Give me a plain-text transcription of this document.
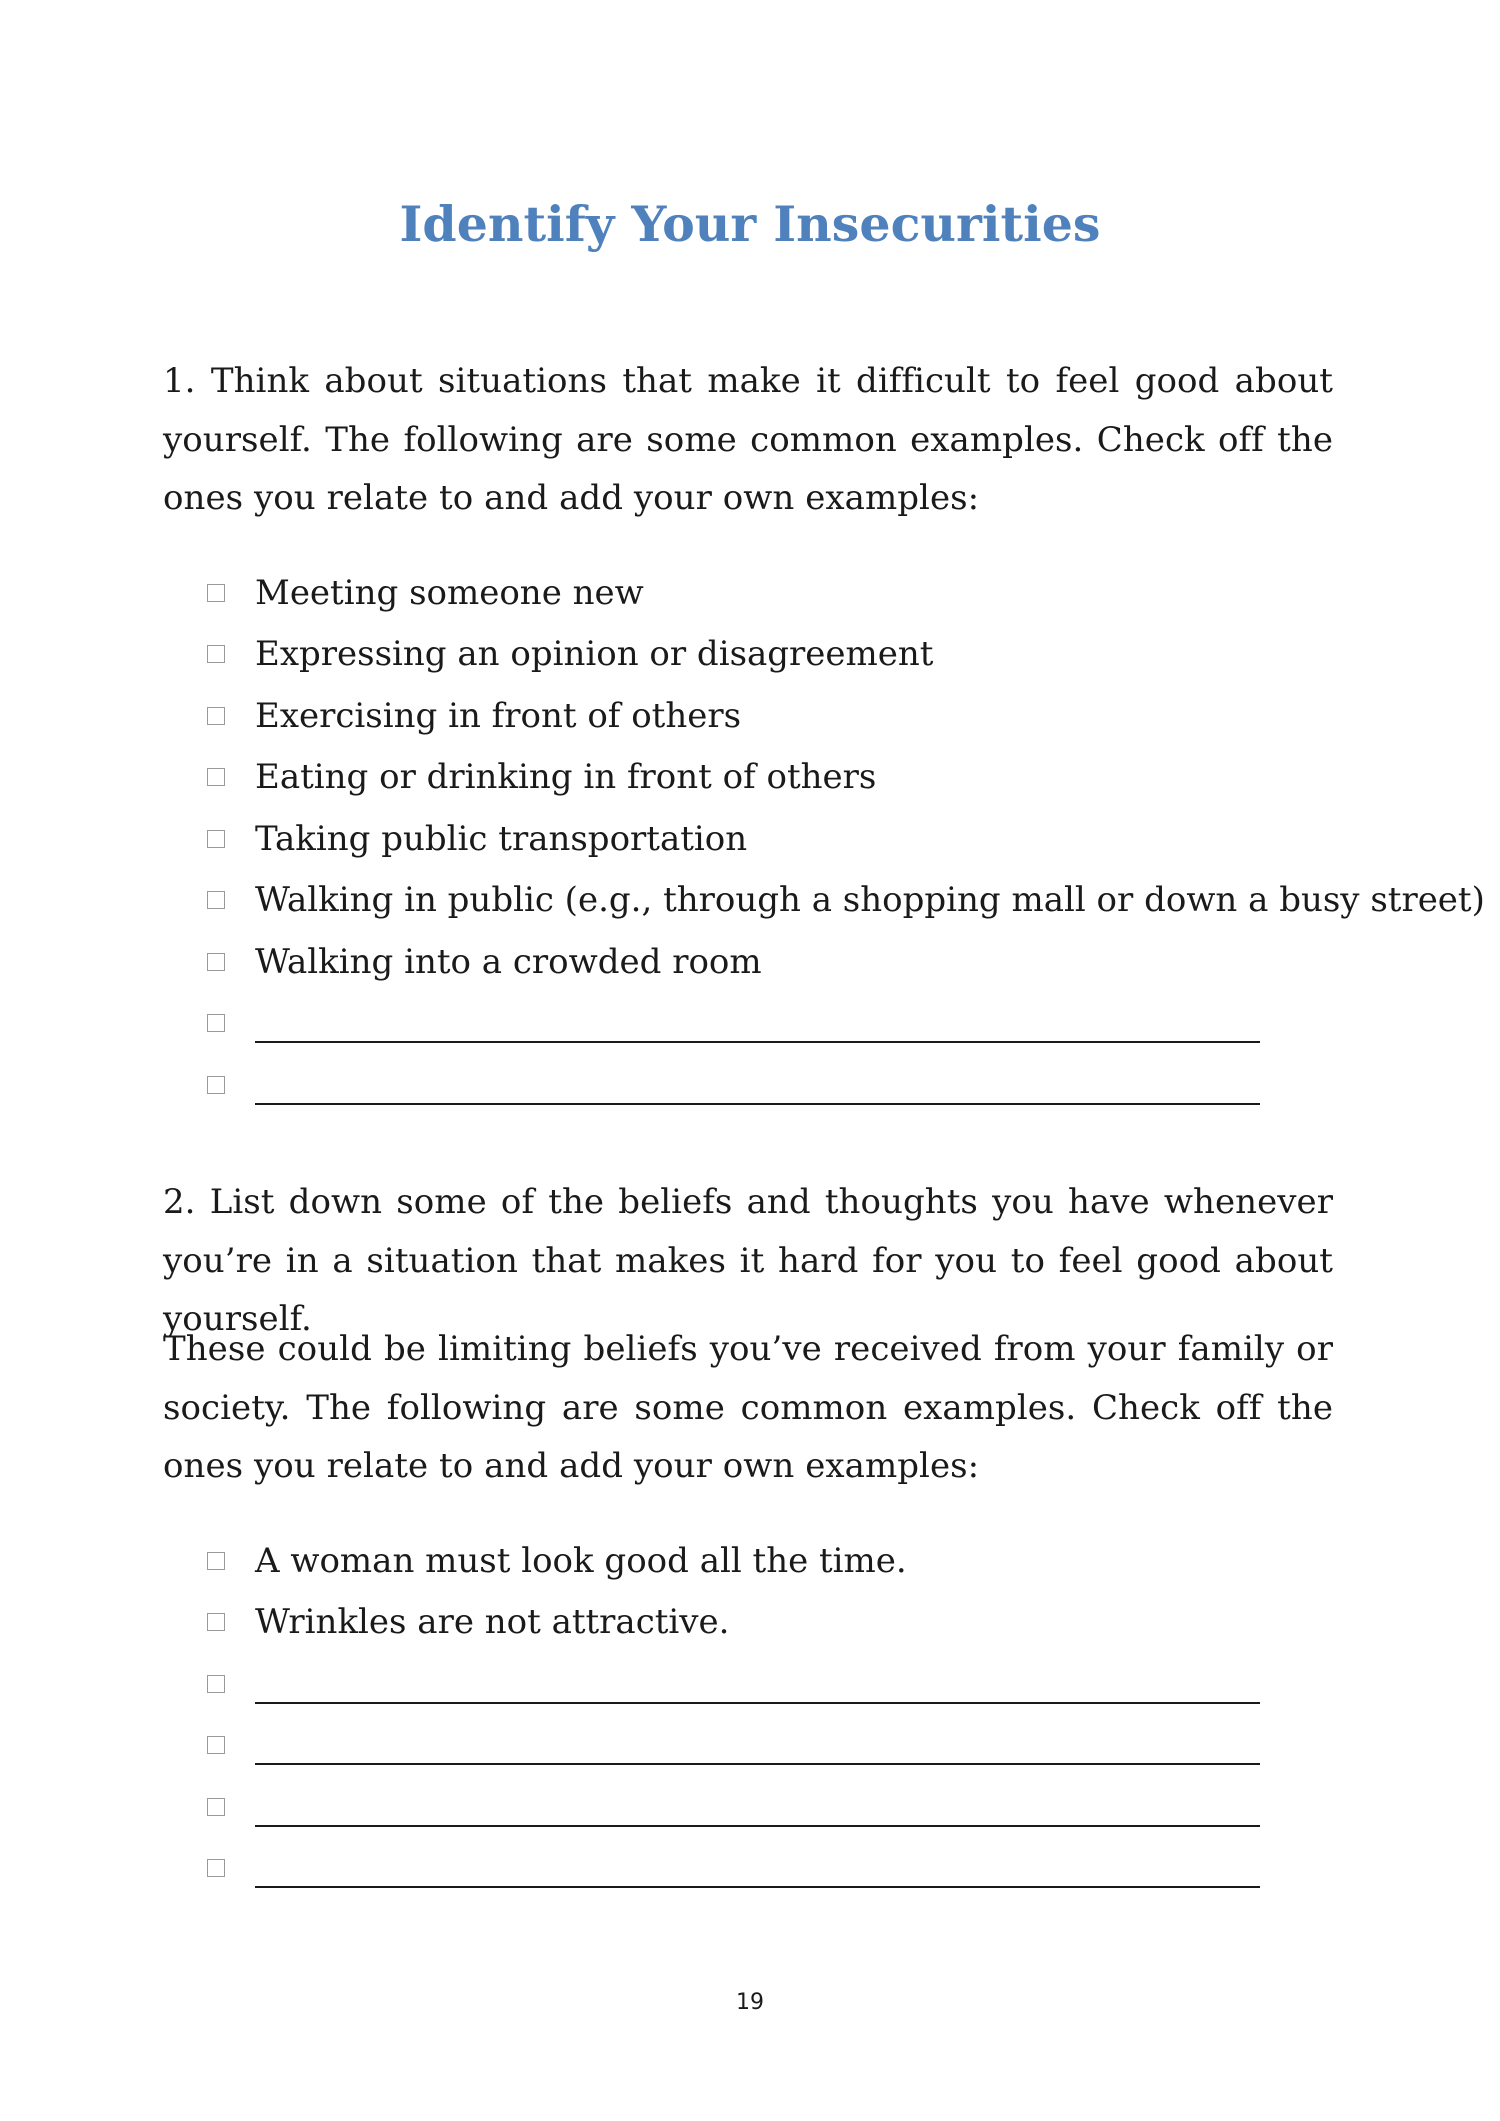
Identify Your Insecurities

1. Think about situations that make it difficult to feel good about yourself. The following are some common examples. Check off the ones you relate to and add your own examples:

Meeting someone new
Expressing an opinion or disagreement
Exercising in front of others
Eating or drinking in front of others
Taking public transportation
Walking in public (e.g., through a shopping mall or down a busy street)
Walking into a crowded room

2. List down some of the beliefs and thoughts you have whenever you’re in a situation that makes it hard for you to feel good about yourself.

These could be limiting beliefs you’ve received from your family or society. The following are some common examples. Check off the ones you relate to and add your own examples:

A woman must look good all the time.
Wrinkles are not attractive.
19
